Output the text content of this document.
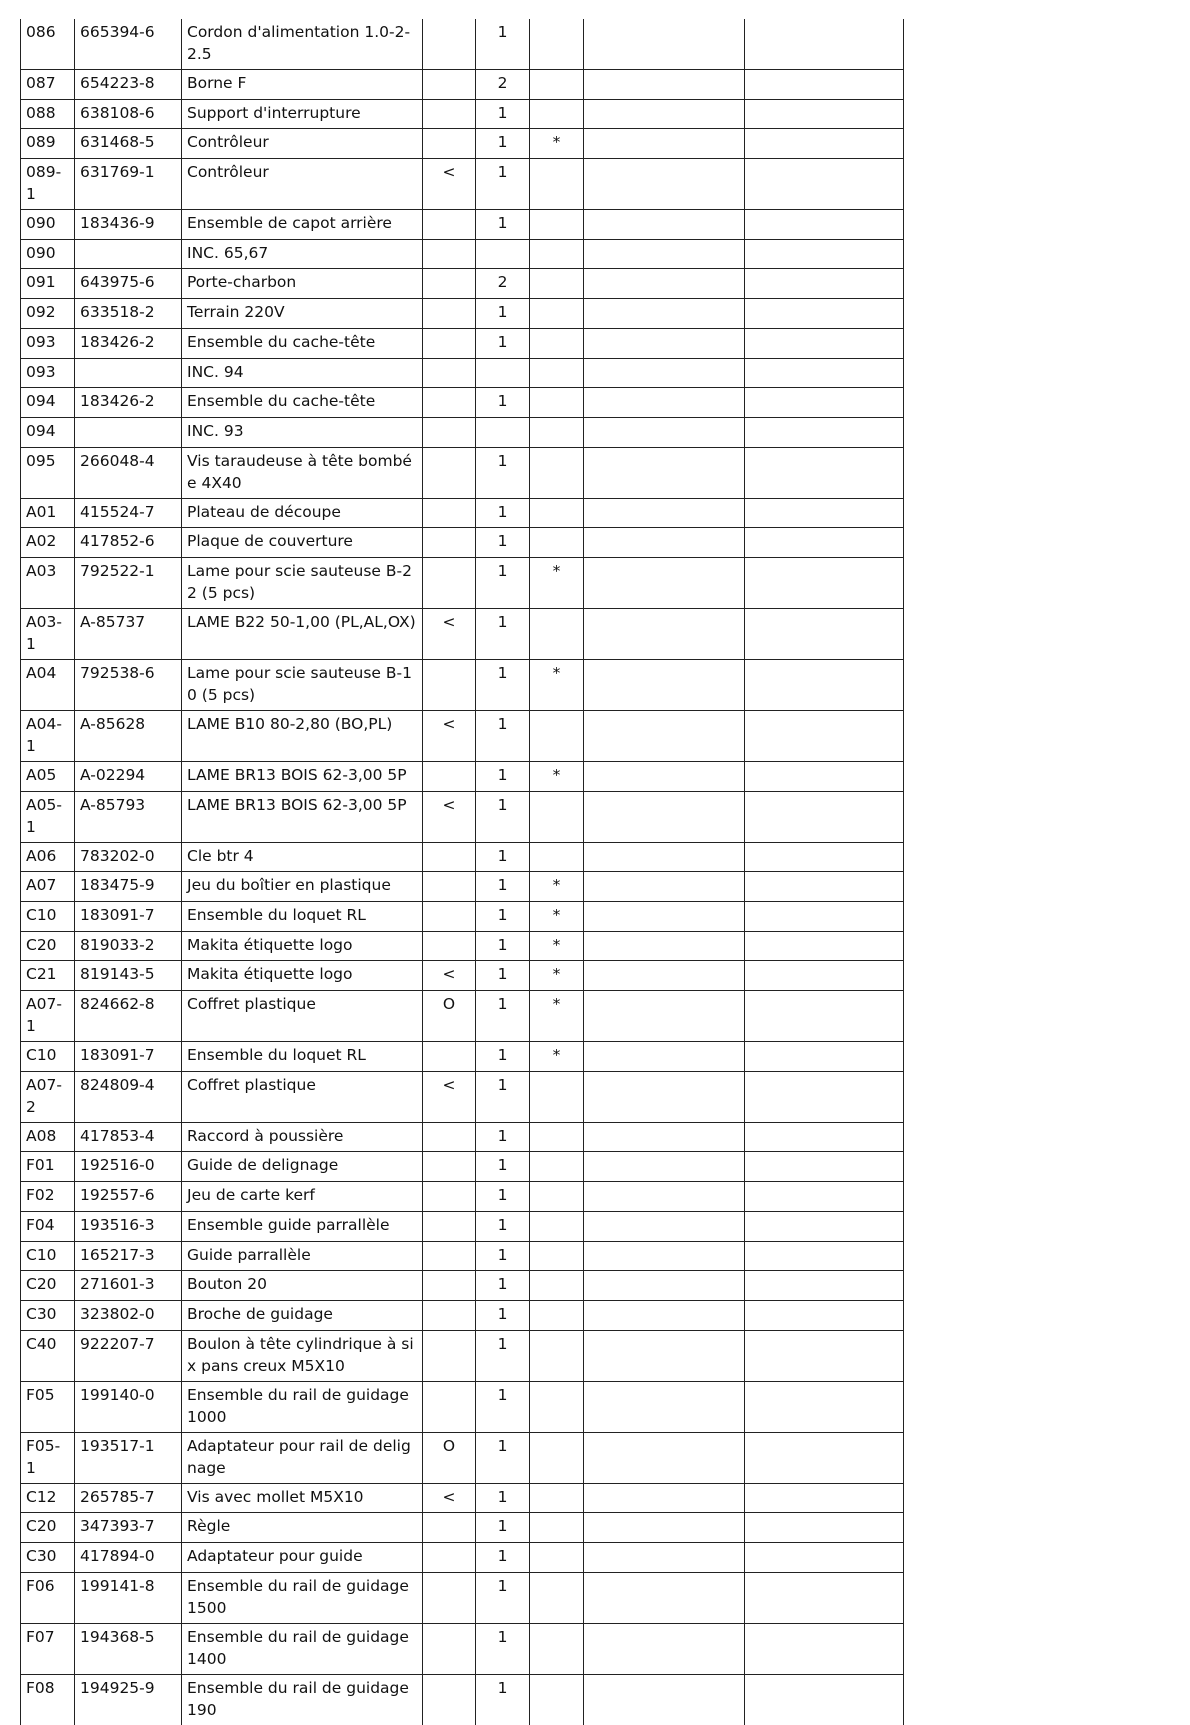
086	665394-6	Cordon d'alimentation 1.0-2-2.5		1			
087	654223-8	Borne F		2			
088	638108-6	Support d'interrupture		1			
089	631468-5	Contrôleur		1	*		
089-1	631769-1	Contrôleur	<	1			
090	183436-9	Ensemble de capot arrière		1			
090		INC. 65,67					
091	643975-6	Porte-charbon		2			
092	633518-2	Terrain 220V		1			
093	183426-2	Ensemble du cache-tête		1			
093		INC. 94					
094	183426-2	Ensemble du cache-tête		1			
094		INC. 93					
095	266048-4	Vis taraudeuse à tête bombée 4X40		1			
A01	415524-7	Plateau de découpe		1			
A02	417852-6	Plaque de couverture		1			
A03	792522-1	Lame pour scie sauteuse B-22 (5 pcs)		1	*		
A03-1	A-85737	LAME B22 50-1,00 (PL,AL,OX)	<	1			
A04	792538-6	Lame pour scie sauteuse B-10 (5 pcs)		1	*		
A04-1	A-85628	LAME B10 80-2,80 (BO,PL)	<	1			
A05	A-02294	LAME BR13 BOIS 62-3,00 5P		1	*		
A05-1	A-85793	LAME BR13 BOIS 62-3,00 5P	<	1			
A06	783202-0	Cle btr 4		1			
A07	183475-9	Jeu du boîtier en plastique		1	*		
C10	183091-7	Ensemble du loquet RL		1	*		
C20	819033-2	Makita étiquette logo		1	*		
C21	819143-5	Makita étiquette logo	<	1	*		
A07-1	824662-8	Coffret plastique	O	1	*		
C10	183091-7	Ensemble du loquet RL		1	*		
A07-2	824809-4	Coffret plastique	<	1			
A08	417853-4	Raccord à poussière		1			
F01	192516-0	Guide de delignage		1			
F02	192557-6	Jeu de carte kerf		1			
F04	193516-3	Ensemble guide parrallèle		1			
C10	165217-3	Guide parrallèle		1			
C20	271601-3	Bouton 20		1			
C30	323802-0	Broche de guidage		1			
C40	922207-7	Boulon à tête cylindrique à six pans creux M5X10		1			
F05	199140-0	Ensemble du rail de guidage 1000		1			
F05-1	193517-1	Adaptateur pour rail de delignage	O	1			
C12	265785-7	Vis avec mollet M5X10	<	1			
C20	347393-7	Règle		1			
C30	417894-0	Adaptateur pour guide		1			
F06	199141-8	Ensemble du rail de guidage 1500		1			
F07	194368-5	Ensemble du rail de guidage 1400		1			
F08	194925-9	Ensemble du rail de guidage 190		1			
